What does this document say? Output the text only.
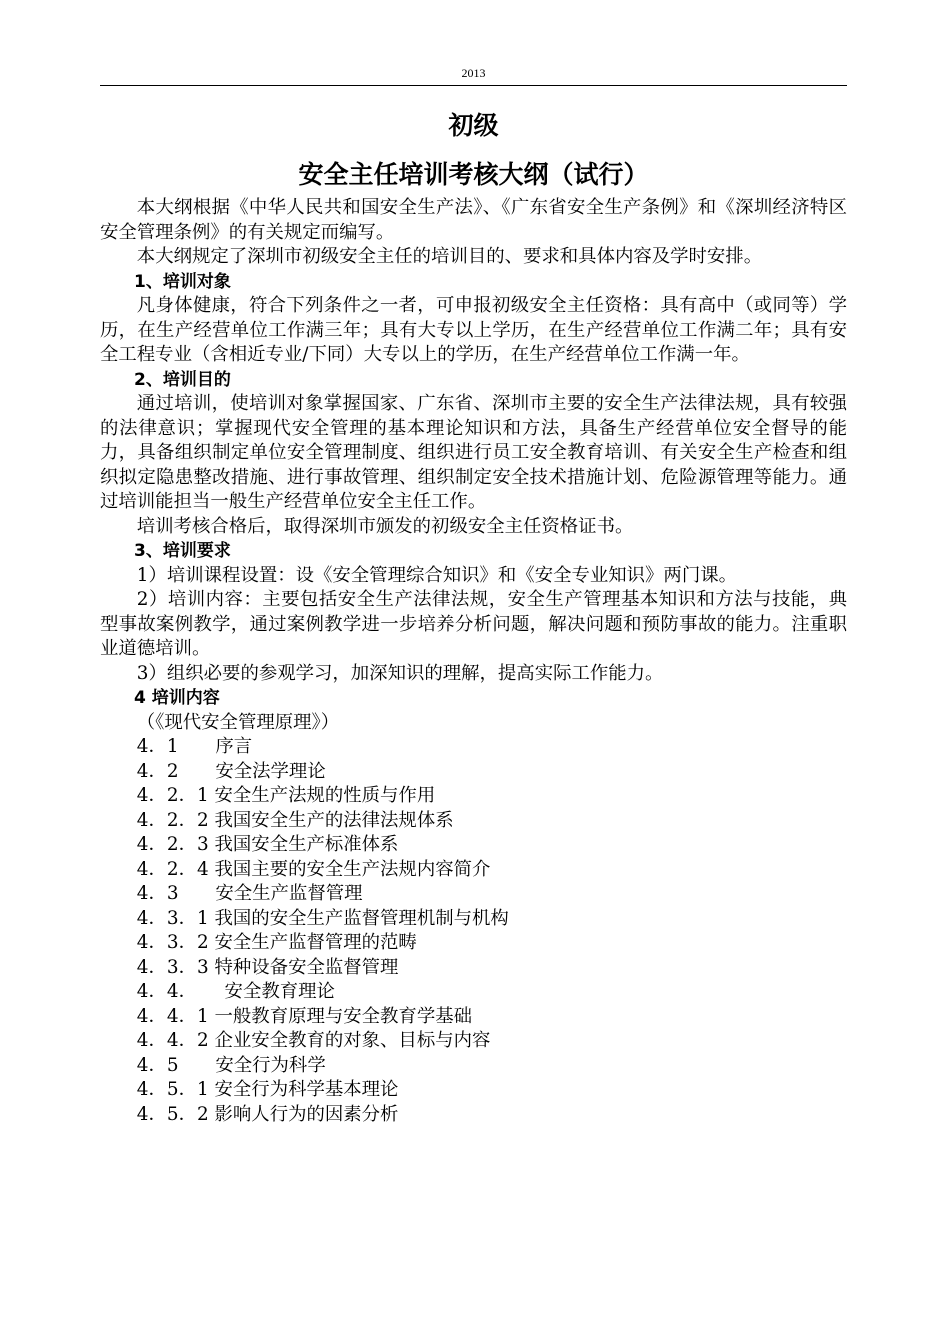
2013
初级
安全主任培训考核大纲（试行）

本大纲根据《中华人民共和国安全生产法》、《广东省安全生产条例》和《深圳经济特区安全管理条例》的有关规定而编写。

本大纲规定了深圳市初级安全主任的培训目的、要求和具体内容及学时安排。

1、培训对象

凡身体健康，符合下列条件之一者，可申报初级安全主任资格：具有高中（或同等）学历，在生产经营单位工作满三年；具有大专以上学历，在生产经营单位工作满二年；具有安全工程专业（含相近专业/下同）大专以上的学历，在生产经营单位工作满一年。

2、培训目的

通过培训，使培训对象掌握国家、广东省、深圳市主要的安全生产法律法规，具有较强的法律意识；掌握现代安全管理的基本理论知识和方法，具备生产经营单位安全督导的能力，具备组织制定单位安全管理制度、组织进行员工安全教育培训、有关安全生产检查和组织拟定隐患整改措施、进行事故管理、组织制定安全技术措施计划、危险源管理等能力。通过培训能担当一般生产经营单位安全主任工作。

培训考核合格后，取得深圳市颁发的初级安全主任资格证书。

3、培训要求

1）培训课程设置：设《安全管理综合知识》和《安全专业知识》两门课。

2）培训内容：主要包括安全生产法律法规，安全生产管理基本知识和方法与技能，典型事故案例教学，通过案例教学进一步培养分析问题，解决问题和预防事故的能力。注重职业道德培训。

3）组织必要的参观学习，加深知识的理解，提高实际工作能力。

4 培训内容

（《现代安全管理原理》）

4．1　　序言

4．2　　安全法学理论

4．2．1 安全生产法规的性质与作用

4．2．2 我国安全生产的法律法规体系

4．2．3 我国安全生产标准体系

4．2．4 我国主要的安全生产法规内容简介

4．3　　安全生产监督管理

4．3．1 我国的安全生产监督管理机制与机构

4．3．2 安全生产监督管理的范畴

4．3．3 特种设备安全监督管理

4．4．　　安全教育理论

4．4．1 一般教育原理与安全教育学基础

4．4．2 企业安全教育的对象、目标与内容

4．5　　安全行为科学

4．5．1 安全行为科学基本理论

4．5．2 影响人行为的因素分析
